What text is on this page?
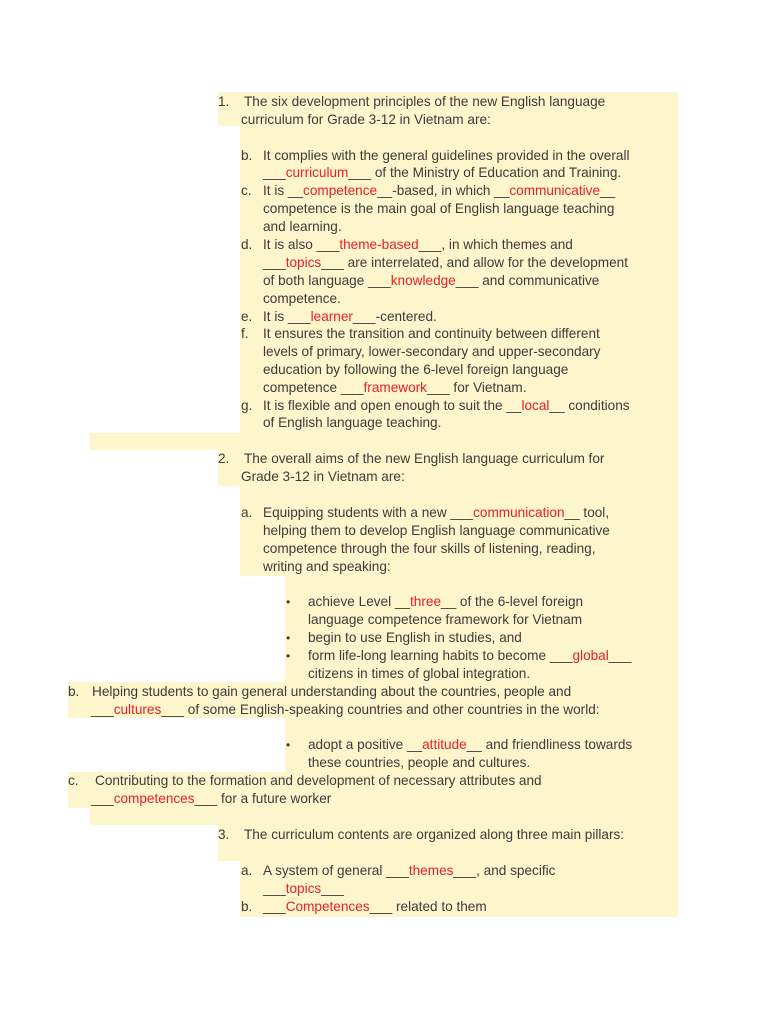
1. The six development principles of the new English language
curriculum for Grade 3-12 in Vietnam are:
b. It complies with the general guidelines provided in the overall
___curriculum___ of the Ministry of Education and Training.
c. It is __competence__-based, in which __communicative__
competence is the main goal of English language teaching
and learning.
d. It is also ___theme-based___, in which themes and
___topics___ are interrelated, and allow for the development
of both language ___knowledge___ and communicative
competence.
e. It is ___learner___-centered.
f. It ensures the transition and continuity between different
levels of primary, lower-secondary and upper-secondary
education by following the 6-level foreign language
competence ___framework___ for Vietnam.
g. It is flexible and open enough to suit the __local__ conditions
of English language teaching.
2. The overall aims of the new English language curriculum for
Grade 3-12 in Vietnam are:
a. Equipping students with a new ___communication__ tool,
helping them to develop English language communicative
competence through the four skills of listening, reading,
writing and speaking:
• achieve Level __three__ of the 6-level foreign
language competence framework for Vietnam
• begin to use English in studies, and
• form life-long learning habits to become ___global___
citizens in times of global integration.
b. Helping students to gain general understanding about the countries, people and
___cultures___ of some English-speaking countries and other countries in the world:
• adopt a positive __attitude__ and friendliness towards
these countries, people and cultures.
c. Contributing to the formation and development of necessary attributes and
___competences___ for a future worker
3. The curriculum contents are organized along three main pillars:
a. A system of general ___themes___, and specific
___topics___
b. ___Competences___ related to them
